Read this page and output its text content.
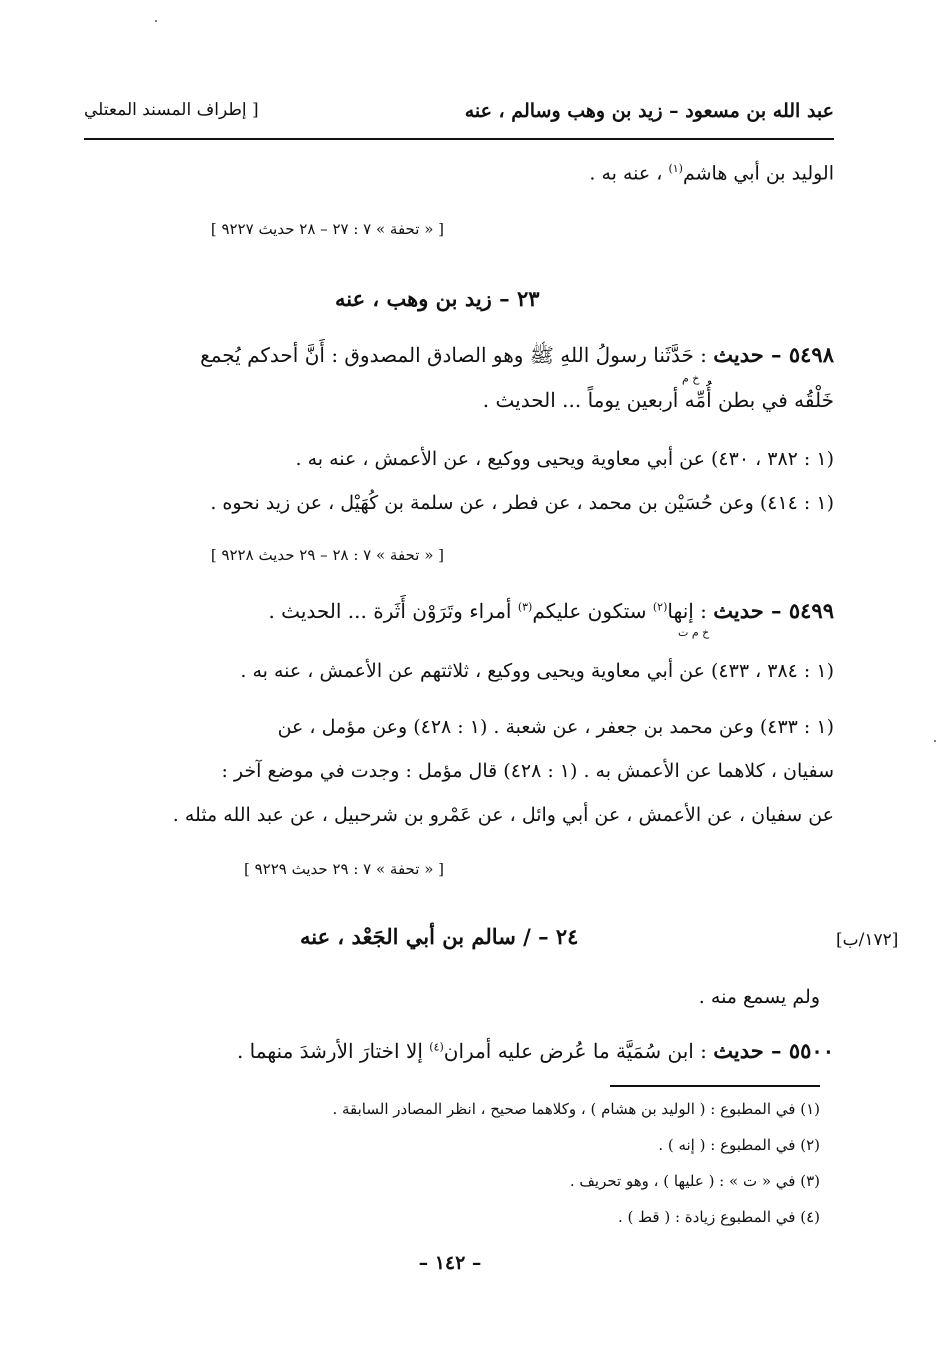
عبد الله بن مسعود – زيد بن وهب وسالم ، عنه
[ إطراف المسند المعتلي
الوليد بن أبي هاشم$^{(١)}$ ، عنه به .
[ « تحفة » ٧ : ٢٧ – ٢٨ حديث ٩٢٢٧ ]
٢٣ – زيد بن وهب ، عنه
٥٤٩٨ – حديث : حَدَّثَنا رسولُ اللهِ ﷺ وهو الصادق المصدوق : أَنَّ أحدكم يُجمع
خ م
خَلْقُه في بطن أُمِّه أربعين يوماً ... الحديث .
(١ : ٣٨٢ ، ٤٣٠) عن أبي معاوية ويحيى ووكيع ، عن الأعمش ، عنه به .
(١ : ٤١٤) وعن حُسَيْن بن محمد ، عن فطر ، عن سلمة بن كُهَيْل ، عن زيد نحوه .
[ « تحفة » ٧ : ٢٨ – ٢٩ حديث ٩٢٢٨ ]
٥٤٩٩ – حديث : إنها$^{(٢)}$ ستكون عليكم$^{(٣)}$ أمراء وتَرَوْن أَثَرة ... الحديث .
خ م ت
(١ : ٣٨٤ ، ٤٣٣) عن أبي معاوية ويحيى ووكيع ، ثلاثتهم عن الأعمش ، عنه به .
(١ : ٤٣٣) وعن محمد بن جعفر ، عن شعبة . (١ : ٤٢٨) وعن مؤمل ، عن
سفيان ، كلاهما عن الأعمش به . (١ : ٤٢٨) قال مؤمل : وجدت في موضع آخر :
عن سفيان ، عن الأعمش ، عن أبي وائل ، عن عَمْرو بن شرحبيل ، عن عبد الله مثله .
[ « تحفة » ٧ : ٢٩ حديث ٩٢٢٩ ]
٢٤ – / سالم بن أبي الجَعْد ، عنه	[١٧٢/ب]
ولم يسمع منه .
٥٥٠٠ – حديث : ابن سُمَيَّة ما عُرض عليه أمران$^{(٤)}$ إلا اختارَ الأرشدَ منهما .
(١) في المطبوع : ( الوليد بن هشام ) ، وكلاهما صحيح ، انظر المصادر السابقة .
(٢) في المطبوع : ( إنه ) .
(٣) في « ت » : ( عليها ) ، وهو تحريف .
(٤) في المطبوع زيادة : ( قط ) .
– ١٤٢ –
